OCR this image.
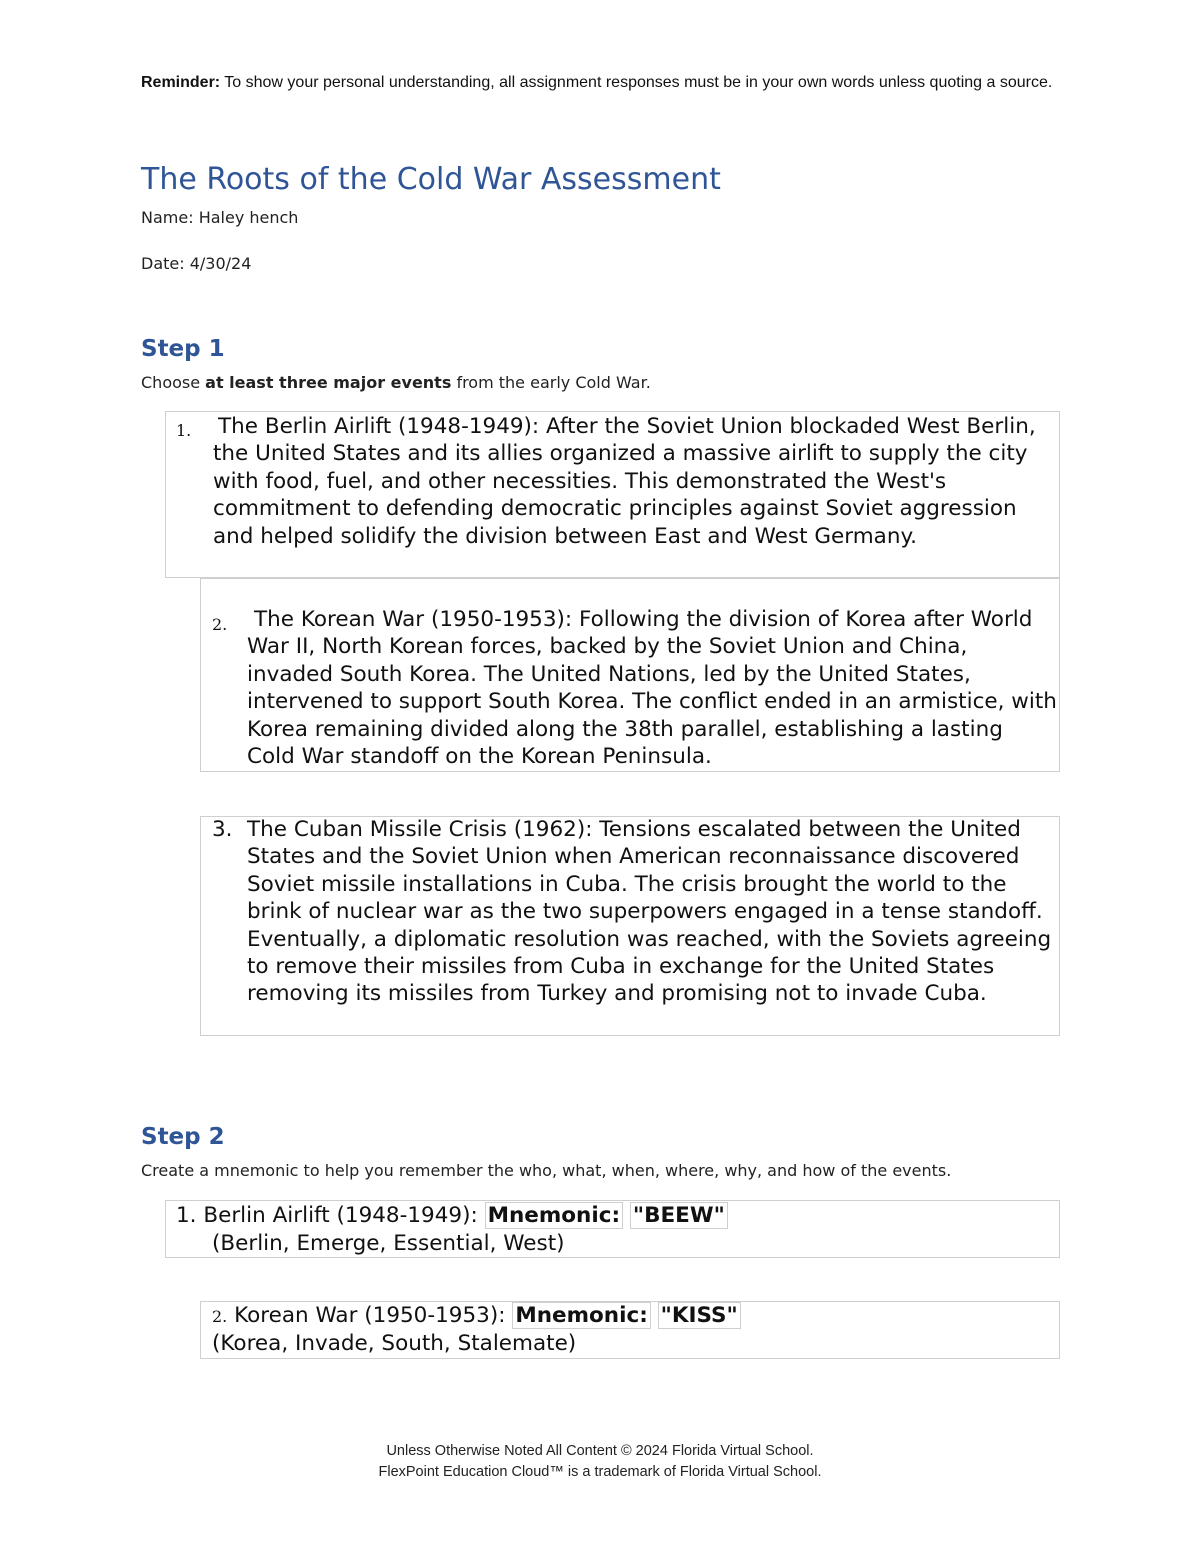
Reminder: To show your personal understanding, all assignment responses must be in your own words unless quoting a source.
The Roots of the Cold War Assessment
Name: Haley hench
Date: 4/30/24
Step 1
Choose at least three major events from the early Cold War.
1. The Berlin Airlift (1948-1949): After the Soviet Union blockaded West Berlin, the United States and its allies organized a massive airlift to supply the city with food, fuel, and other necessities. This demonstrated the West's commitment to defending democratic principles against Soviet aggression and helped solidify the division between East and West Germany.
2.	The Korean War (1950-1953): Following the division of Korea after World War II, North Korean forces, backed by the Soviet Union and China, invaded South Korea. The United Nations, led by the United States, intervened to support South Korea. The conflict ended in an armistice, with Korea remaining divided along the 38th parallel, establishing a lasting Cold War standoff on the Korean Peninsula.
3. The Cuban Missile Crisis (1962): Tensions escalated between the United States and the Soviet Union when American reconnaissance discovered Soviet missile installations in Cuba. The crisis brought the world to the brink of nuclear war as the two superpowers engaged in a tense standoff. Eventually, a diplomatic resolution was reached, with the Soviets agreeing to remove their missiles from Cuba in exchange for the United States removing its missiles from Turkey and promising not to invade Cuba.
Step 2
Create a mnemonic to help you remember the who, what, when, where, why, and how of the events.
1. Berlin Airlift (1948-1949): Mnemonic: "BEEW"
(Berlin, Emerge, Essential, West)
2. Korean War (1950-1953): Mnemonic: "KISS"
(Korea, Invade, South, Stalemate)
Unless Otherwise Noted All Content © 2024 Florida Virtual School.
FlexPoint Education Cloud™ is a trademark of Florida Virtual School.
